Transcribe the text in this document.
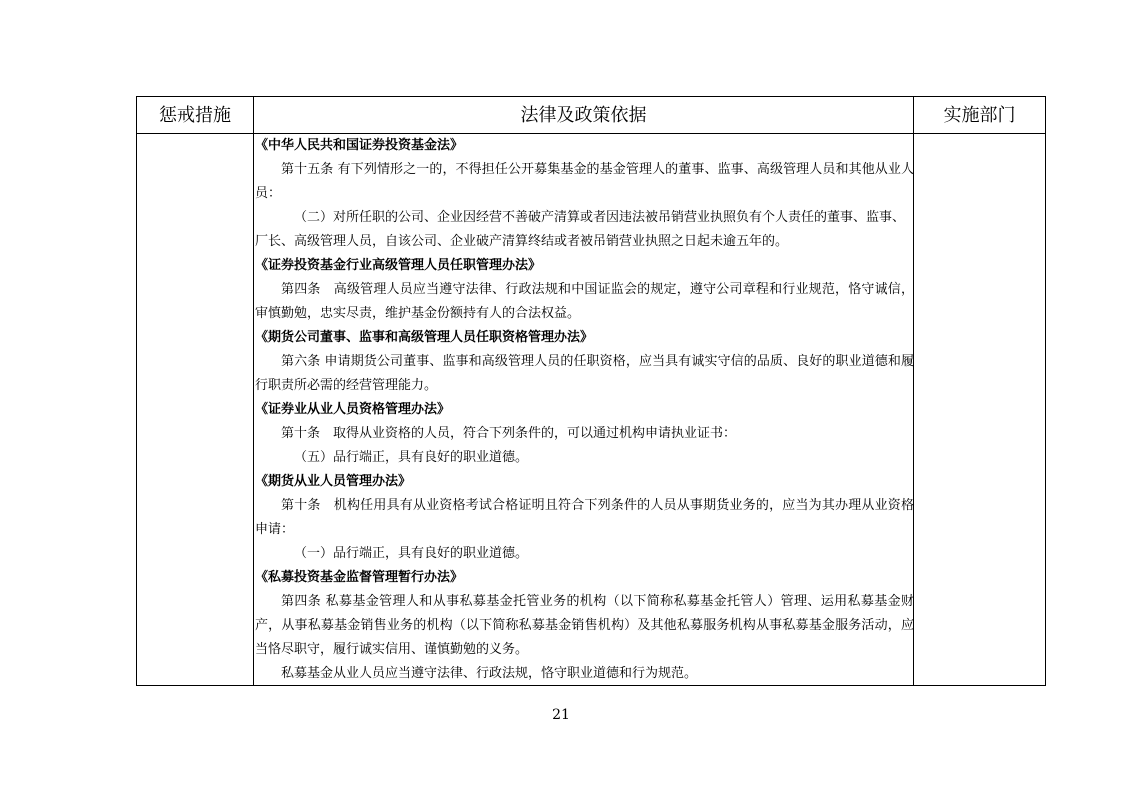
惩戒措施	法律及政策依据	实施部门
《中华人民共和国证券投资基金法》

第十五条 有下列情形之一的，不得担任公开募集基金的基金管理人的董事、监事、高级管理人员和其他从业人员：

（二）对所任职的公司、企业因经营不善破产清算或者因违法被吊销营业执照负有个人责任的董事、监事、厂长、高级管理人员，自该公司、企业破产清算终结或者被吊销营业执照之日起未逾五年的。

《证券投资基金行业高级管理人员任职管理办法》

第四条　高级管理人员应当遵守法律、行政法规和中国证监会的规定，遵守公司章程和行业规范，恪守诚信，审慎勤勉，忠实尽责，维护基金份额持有人的合法权益。

《期货公司董事、监事和高级管理人员任职资格管理办法》

第六条 申请期货公司董事、监事和高级管理人员的任职资格，应当具有诚实守信的品质、良好的职业道德和履行职责所必需的经营管理能力。

《证券业从业人员资格管理办法》

第十条　取得从业资格的人员，符合下列条件的，可以通过机构申请执业证书：

（五）品行端正，具有良好的职业道德。

《期货从业人员管理办法》

第十条　机构任用具有从业资格考试合格证明且符合下列条件的人员从事期货业务的，应当为其办理从业资格申请：

（一）品行端正，具有良好的职业道德。

《私募投资基金监督管理暂行办法》

第四条 私募基金管理人和从事私募基金托管业务的机构（以下简称私募基金托管人）管理、运用私募基金财产，从事私募基金销售业务的机构（以下简称私募基金销售机构）及其他私募服务机构从事私募基金服务活动，应当恪尽职守，履行诚实信用、谨慎勤勉的义务。

私募基金从业人员应当遵守法律、行政法规，恪守职业道德和行为规范。

21
